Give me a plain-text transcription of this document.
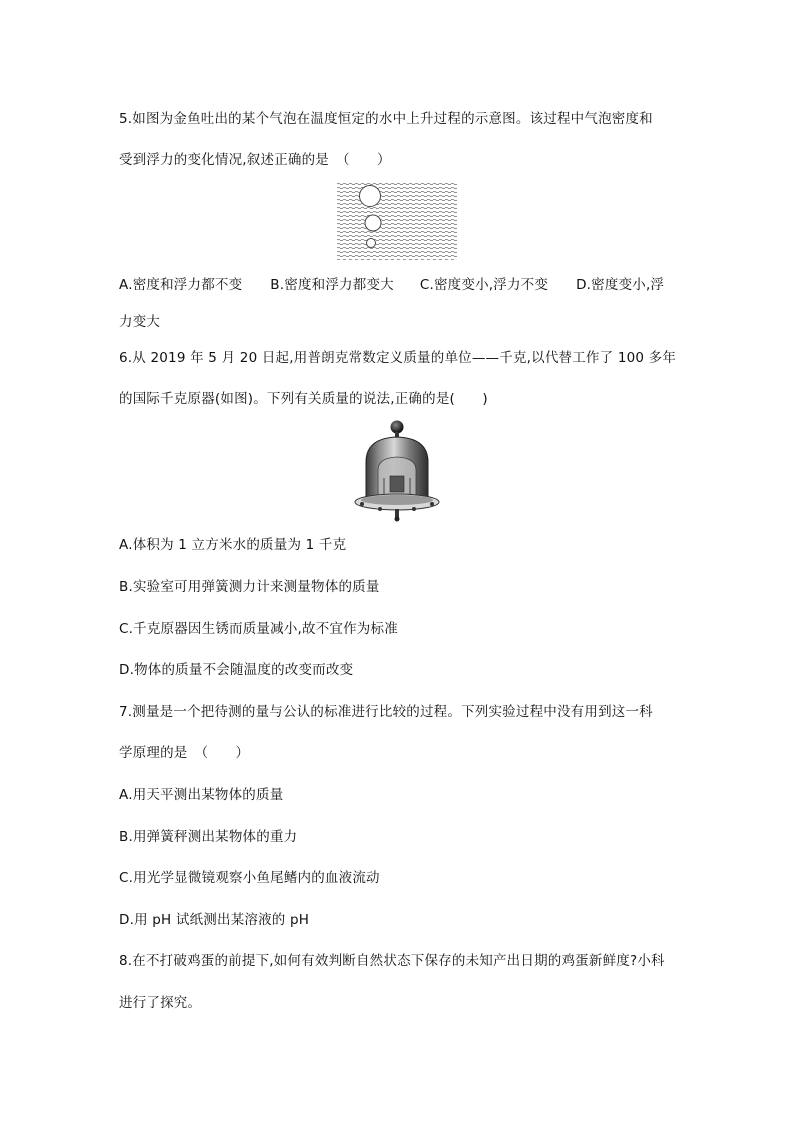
5.如图为金鱼吐出的某个气泡在温度恒定的水中上升过程的示意图。该过程中气泡密度和
受到浮力的变化情况,叙述正确的是　（　　）
A.密度和浮力都不变 B.密度和浮力都变大 C.密度变小,浮力不变 D.密度变小,浮
力变大
6.从 2019 年 5 月 20 日起,用普朗克常数定义质量的单位——千克,以代替工作了 100 多年
的国际千克原器(如图)。下列有关质量的说法,正确的是(　　)
A.体积为 1 立方米水的质量为 1 千克
B.实验室可用弹簧测力计来测量物体的质量
C.千克原器因生锈而质量减小,故不宜作为标准
D.物体的质量不会随温度的改变而改变
7.测量是一个把待测的量与公认的标准进行比较的过程。下列实验过程中没有用到这一科
学原理的是　（　　）
A.用天平测出某物体的质量
B.用弹簧秤测出某物体的重力
C.用光学显微镜观察小鱼尾鳍内的血液流动
D.用 pH 试纸测出某溶液的 pH
8.在不打破鸡蛋的前提下,如何有效判断自然状态下保存的未知产出日期的鸡蛋新鲜度?小科
进行了探究。
